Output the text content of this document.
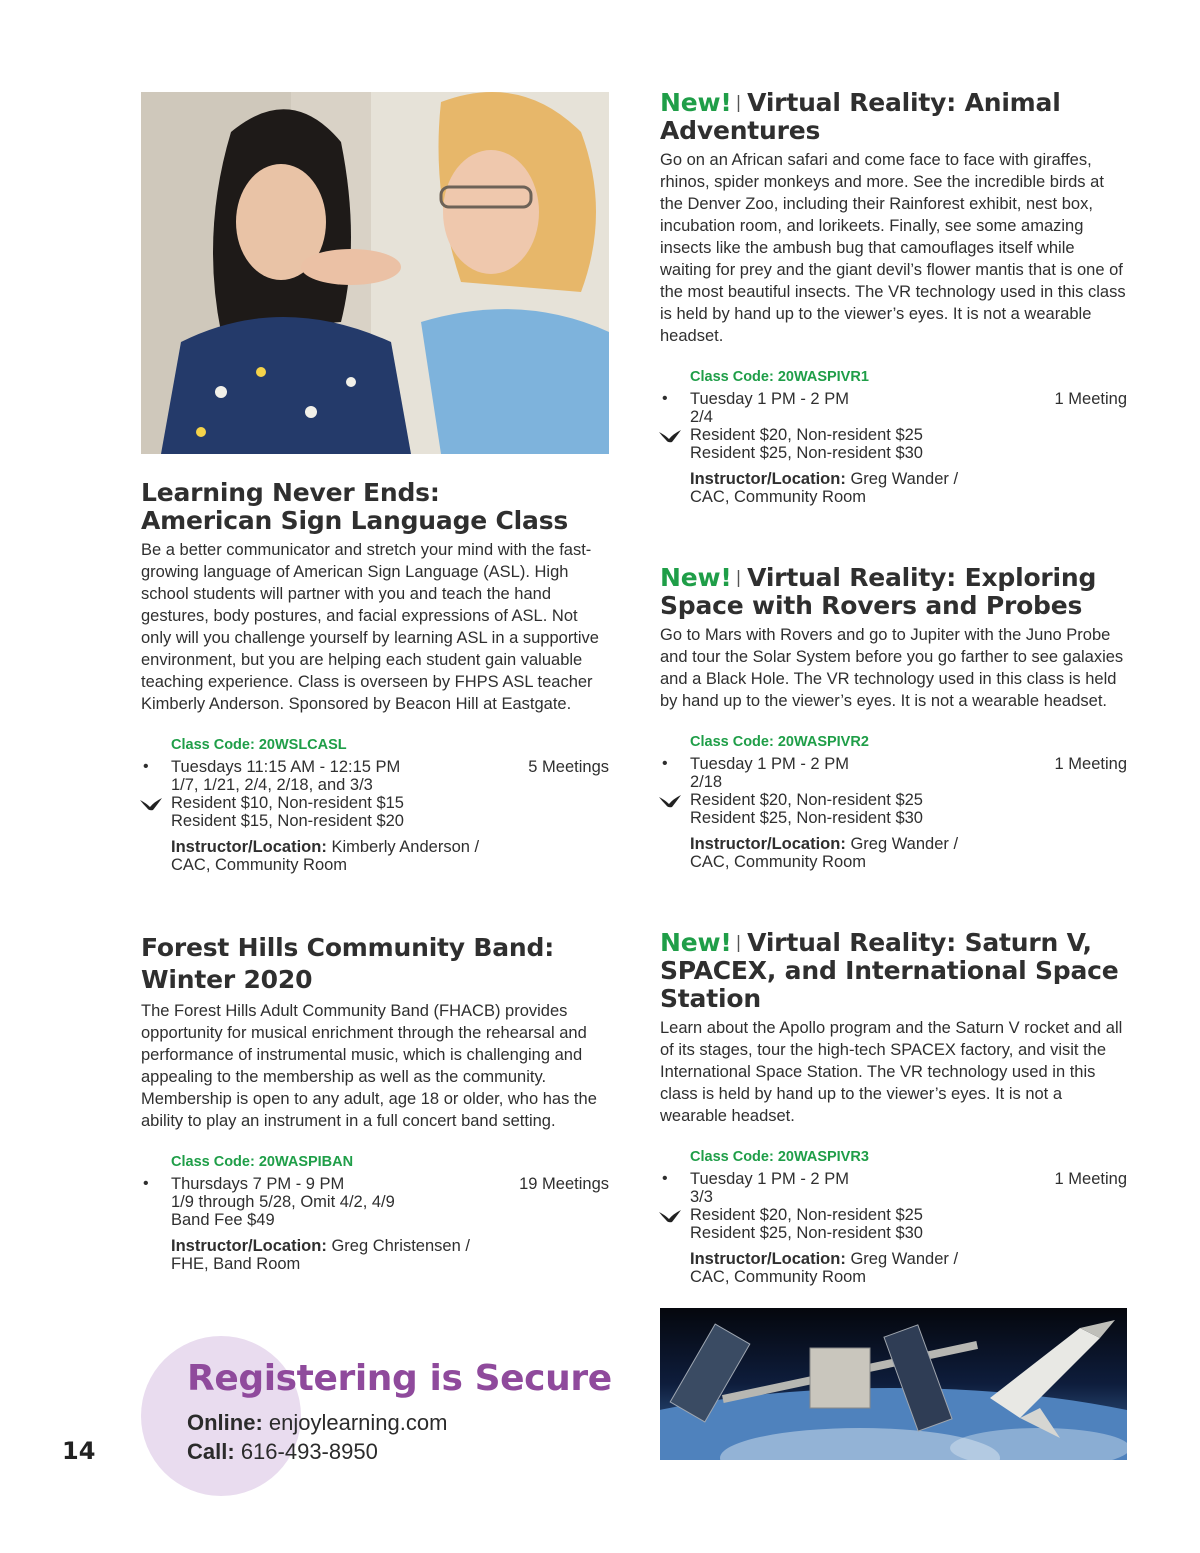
Learning Never Ends:
American Sign Language Class

Be a better communicator and stretch your mind with the fast-growing language of American Sign Language (ASL). High school students will partner with you and teach the hand gestures, body postures, and facial expressions of ASL. Not only will you challenge yourself by learning ASL in a supportive environment, but you are helping each student gain valuable teaching experience. Class is overseen by FHPS ASL teacher Kimberly Anderson. Sponsored by Beacon Hill at Eastgate.

Class Code: 20WSLCASL
• Tuesdays 11:15 AM - 12:15 PM	5 Meetings
1/7, 1/21, 2/4, 2/18, and 3/3
Resident $10, Non-resident $15
Resident $15, Non-resident $20
Instructor/Location: Kimberly Anderson /
CAC, Community Room
Forest Hills Community Band:
Winter 2020

The Forest Hills Adult Community Band (FHACB) provides opportunity for musical enrichment through the rehearsal and performance of instrumental music, which is challenging and appealing to the membership as well as the community. Membership is open to any adult, age 18 or older, who has the ability to play an instrument in a full concert band setting.

Class Code: 20WASPIBAN
• Thursdays 7 PM - 9 PM	19 Meetings
1/9 through 5/28, Omit 4/2, 4/9
Band Fee $49
Instructor/Location: Greg Christensen /
FHE, Band Room
New! | Virtual Reality: Animal Adventures

Go on an African safari and come face to face with giraffes, rhinos, spider monkeys and more. See the incredible birds at the Denver Zoo, including their Rainforest exhibit, nest box, incubation room, and lorikeets. Finally, see some amazing insects like the ambush bug that camouflages itself while waiting for prey and the giant devil’s flower mantis that is one of the most beautiful insects. The VR technology used in this class is held by hand up to the viewer’s eyes. It is not a wearable headset.

Class Code: 20WASPIVR1
• Tuesday 1 PM - 2 PM	1 Meeting
2/4
Resident $20, Non-resident $25
Resident $25, Non-resident $30
Instructor/Location: Greg Wander /
CAC, Community Room
New! | Virtual Reality: Exploring Space with Rovers and Probes

Go to Mars with Rovers and go to Jupiter with the Juno Probe and tour the Solar System before you go farther to see galaxies and a Black Hole. The VR technology used in this class is held by hand up to the viewer’s eyes. It is not a wearable headset.

Class Code: 20WASPIVR2
• Tuesday 1 PM - 2 PM	1 Meeting
2/18
Resident $20, Non-resident $25
Resident $25, Non-resident $30
Instructor/Location: Greg Wander /
CAC, Community Room
New! | Virtual Reality: Saturn V, SPACEX, and International Space Station

Learn about the Apollo program and the Saturn V rocket and all of its stages, tour the high-tech SPACEX factory, and visit the International Space Station. The VR technology used in this class is held by hand up to the viewer’s eyes. It is not a wearable headset.

Class Code: 20WASPIVR3
• Tuesday 1 PM - 2 PM	1 Meeting
3/3
Resident $20, Non-resident $25
Resident $25, Non-resident $30
Instructor/Location: Greg Wander /
CAC, Community Room
Registering is Secure
Online: enjoylearning.com
Call: 616-493-8950
14
